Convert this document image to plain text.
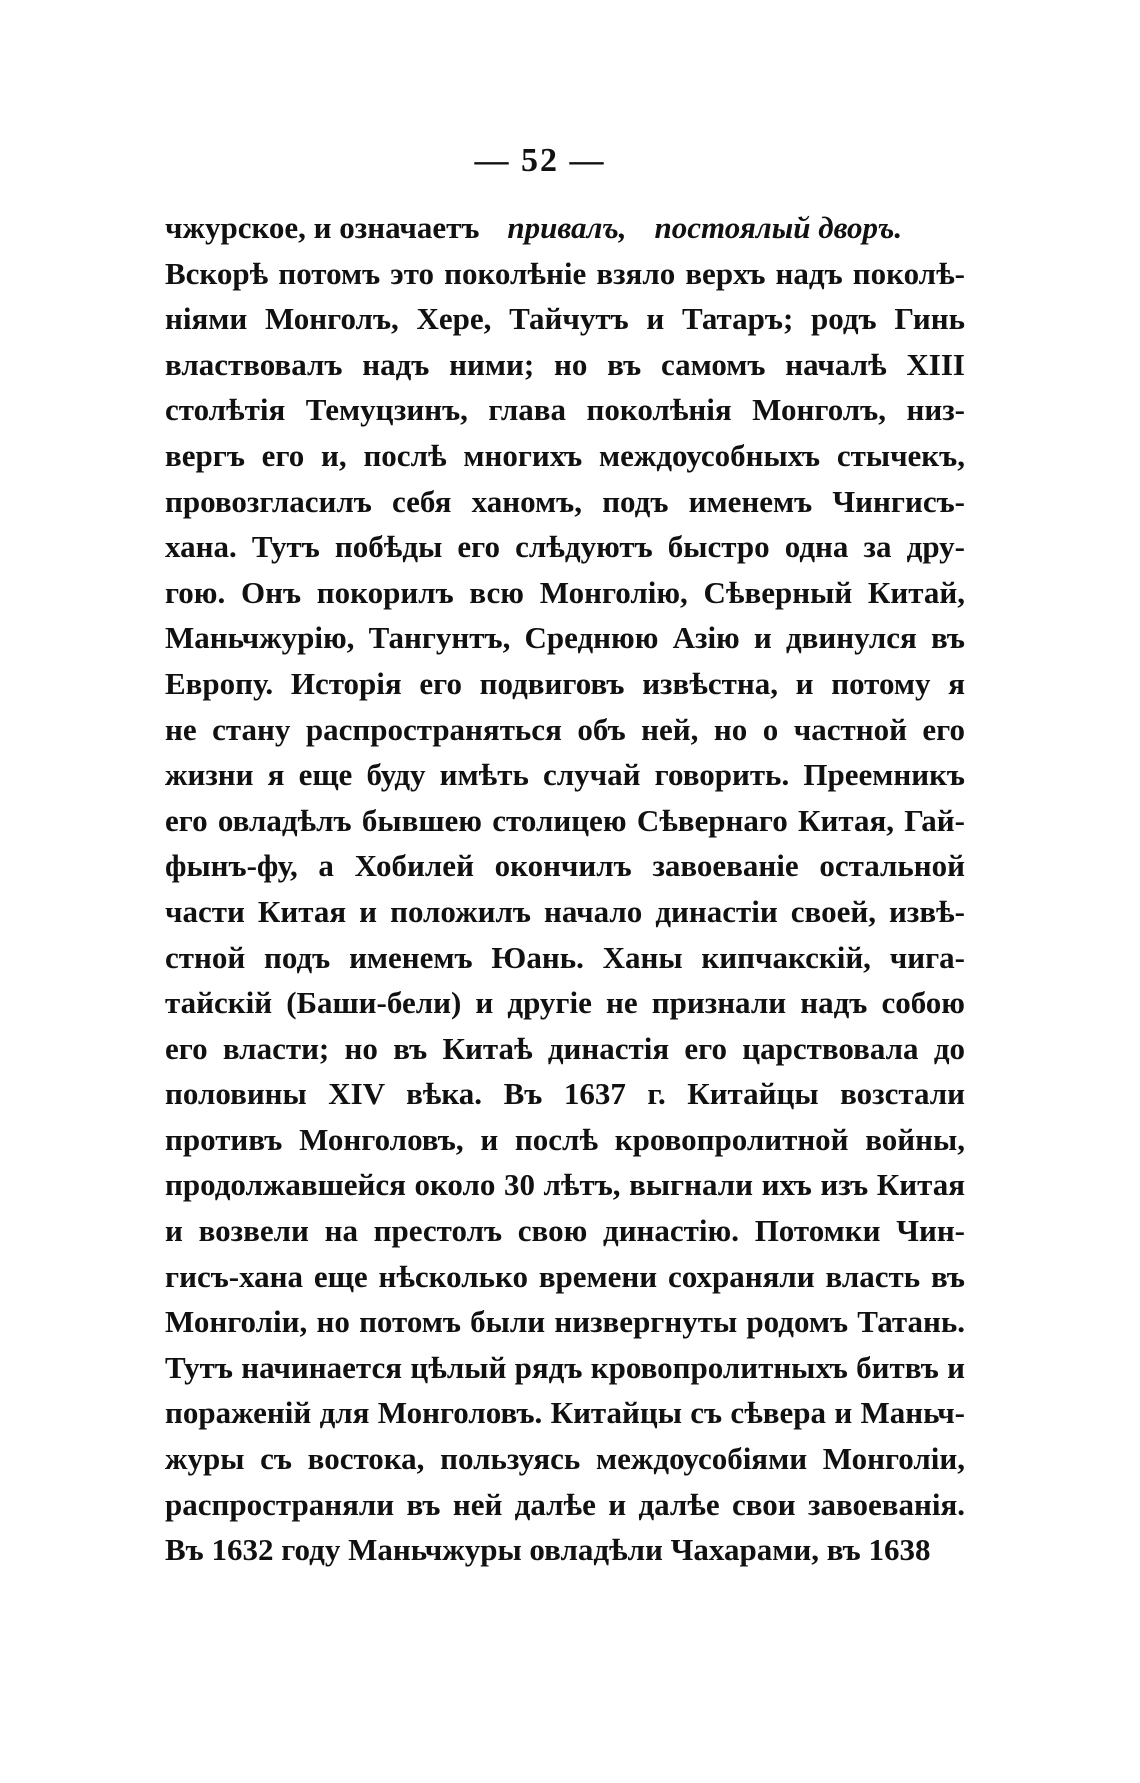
— 52 —
чжурское, и означаетъ привалъ, постоялый дворъ.
Вскорѣ потомъ это поколѣніе взяло верхъ надъ поколѣ-
ніями Монголъ, Хере, Тайчутъ и Татаръ; родъ Гинь
властвовалъ надъ ними; но въ самомъ началѣ XIII
столѣтія Темуцзинъ, глава поколѣнія Монголъ, низ-
вергъ его и, послѣ многихъ междоусобныхъ стычекъ,
провозгласилъ себя ханомъ, подъ именемъ Чингисъ-
хана. Тутъ побѣды его слѣдуютъ быстро одна за дру-
гою. Онъ покорилъ всю Монголію, Сѣверный Китай,
Маньчжурію, Тангунтъ, Среднюю Азію и двинулся въ
Европу. Исторія его подвиговъ извѣстна, и потому я
не стану распространяться объ ней, но о частной его
жизни я еще буду имѣть случай говорить. Преемникъ
его овладѣлъ бывшею столицею Сѣвернаго Китая, Гай-
фынъ-фу, а Хобилей окончилъ завоеваніе остальной
части Китая и положилъ начало династіи своей, извѣ-
стной подъ именемъ Юань. Ханы кипчакскій, чига-
тайскій (Баши-бели) и другіе не признали надъ собою
его власти; но въ Китаѣ династія его царствовала до
половины XIV вѣка. Въ 1637 г. Китайцы возстали
противъ Монголовъ, и послѣ кровопролитной войны,
продолжавшейся около 30 лѣтъ, выгнали ихъ изъ Китая
и возвели на престолъ свою династію. Потомки Чин-
гисъ-хана еще нѣсколько времени сохраняли власть въ
Монголіи, но потомъ были низвергнуты родомъ Татань.
Тутъ начинается цѣлый рядъ кровопролитныхъ битвъ и
пораженій для Монголовъ. Китайцы съ сѣвера и Маньч-
журы съ востока, пользуясь междоусобіями Монголіи,
распространяли въ ней далѣе и далѣе свои завоеванія.
Въ 1632 году Маньчжуры овладѣли Чахарами, въ 1638
